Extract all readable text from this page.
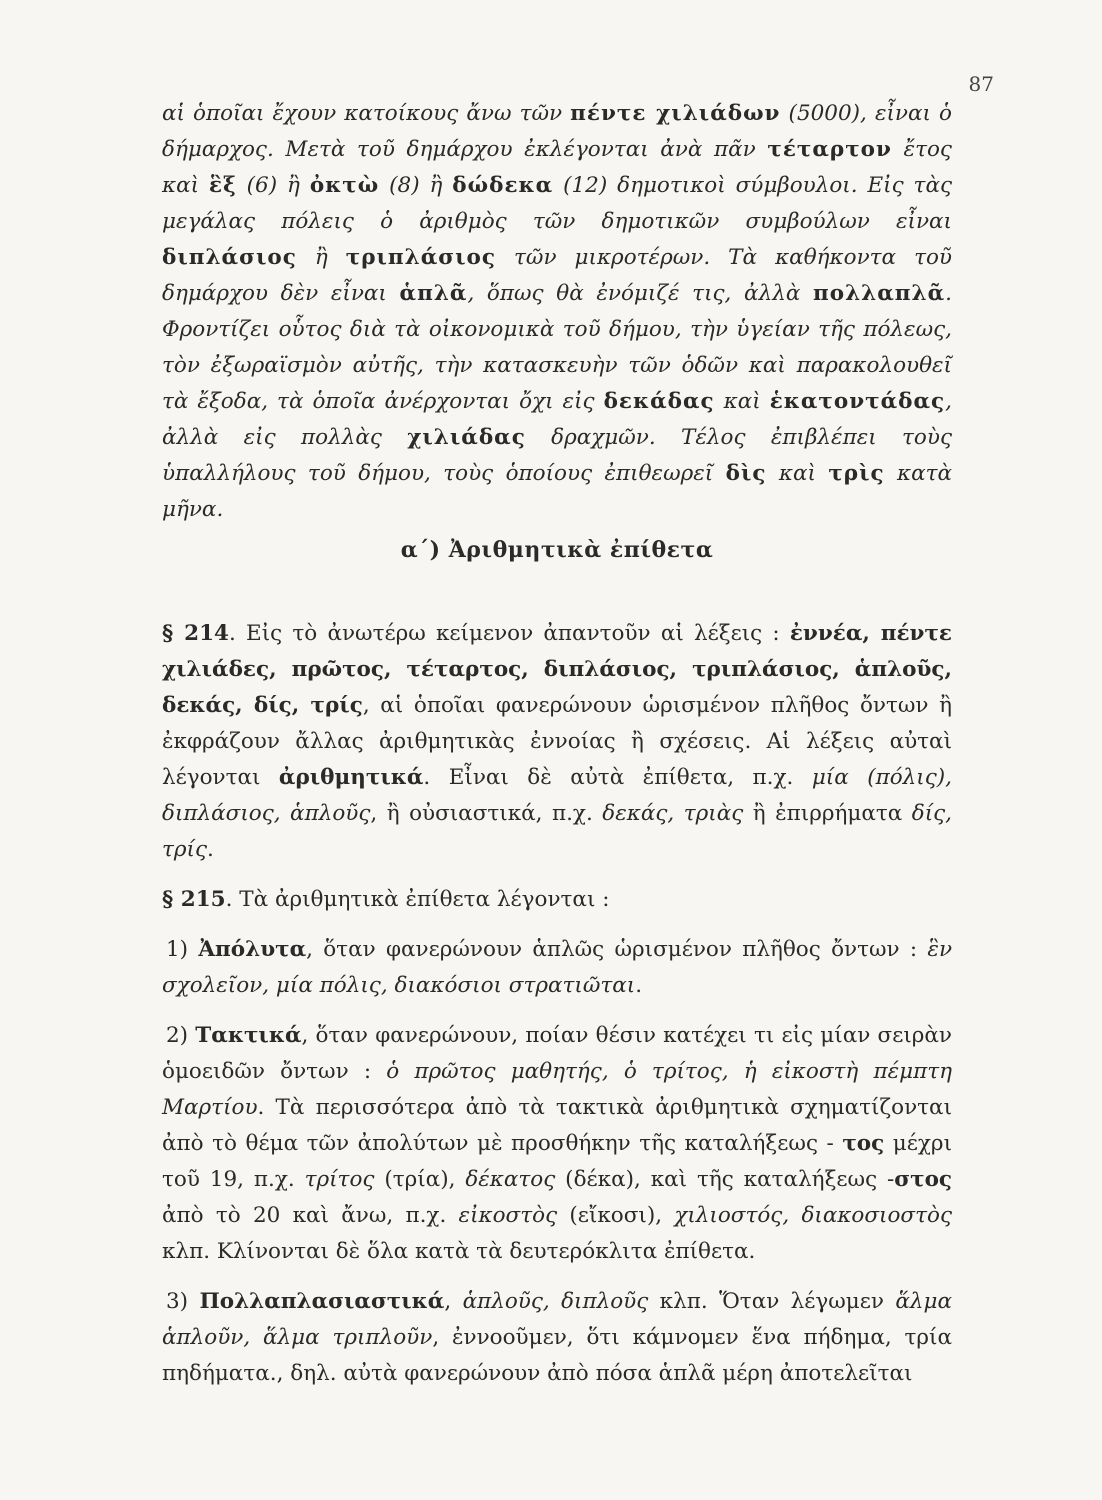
87
αἱ ὁποῖαι ἔχουν κατοίκους ἄνω τῶν πέντε χιλιάδων (5000), εἶναι ὁ δήμαρχος. Μετὰ τοῦ δημάρχου ἐκλέγονται ἀνὰ πᾶν τέταρτον ἔτος καὶ ἓξ (6) ἢ ὀκτὼ (8) ἢ δώδεκα (12) δημοτικοὶ σύμβουλοι. Εἰς τὰς μεγάλας πόλεις ὁ ἀριθμὸς τῶν δημοτικῶν συμβούλων εἶναι διπλάσιος ἢ τριπλάσιος τῶν μικροτέρων. Τὰ καθήκοντα τοῦ δημάρχου δὲν εἶναι ἁπλᾶ, ὅπως θὰ ἐνόμιζέ τις, ἀλλὰ πολλαπλᾶ. Φροντίζει οὗτος διὰ τὰ οἰκονομικὰ τοῦ δήμου, τὴν ὑγείαν τῆς πόλεως, τὸν ἐξωραϊσμὸν αὐτῆς, τὴν κατασκευὴν τῶν ὁδῶν καὶ παρακολουθεῖ τὰ ἔξοδα, τὰ ὁποῖα ἀνέρχονται ὄχι εἰς δεκάδας καὶ ἑκατοντάδας, ἀλλὰ εἰς πολλὰς χιλιάδας δραχμῶν. Τέλος ἐπιβλέπει τοὺς ὑπαλλήλους τοῦ δήμου, τοὺς ὁποίους ἐπιθεωρεῖ δὶς καὶ τρὶς κατὰ μῆνα.
α΄) Ἀριθμητικὰ ἐπίθετα

§ 214. Εἰς τὸ ἀνωτέρω κείμενον ἀπαντοῦν αἱ λέξεις : ἐννέα, πέντε χιλιάδες, πρῶτος, τέταρτος, διπλάσιος, τριπλάσιος, ἁπλοῦς, δεκάς, δίς, τρίς, αἱ ὁποῖαι φανερώνουν ὡρισμένον πλῆθος ὄντων ἢ ἐκφράζουν ἄλλας ἀριθμητικὰς ἐννοίας ἢ σχέσεις. Αἱ λέξεις αὐταὶ λέγονται ἀριθμητικά. Εἶναι δὲ αὐτὰ ἐπίθετα, π.χ. μία (πόλις), διπλάσιος, ἁπλοῦς, ἢ οὐσιαστικά, π.χ. δεκάς, τριὰς ἢ ἐπιρρήματα δίς, τρίς.

§ 215. Τὰ ἀριθμητικὰ ἐπίθετα λέγονται :

1) Ἀπόλυτα, ὅταν φανερώνουν ἁπλῶς ὡρισμένον πλῆθος ὄντων : ἓν σχολεῖον, μία πόλις, διακόσιοι στρατιῶται.

2) Τακτικά, ὅταν φανερώνουν, ποίαν θέσιν κατέχει τι εἰς μίαν σειρὰν ὁμοειδῶν ὄντων : ὁ πρῶτος μαθητής, ὁ τρίτος, ἡ εἰκοστὴ πέμπτη Μαρτίου. Τὰ περισσότερα ἀπὸ τὰ τακτικὰ ἀριθμητικὰ σχηματίζονται ἀπὸ τὸ θέμα τῶν ἀπολύτων μὲ προσθήκην τῆς καταλήξεως - τος μέχρι τοῦ 19, π.χ. τρίτος (τρία), δέκατος (δέκα), καὶ τῆς καταλήξεως -στος ἀπὸ τὸ 20 καὶ ἄνω, π.χ. εἰκοστὸς (εἴκοσι), χιλιοστός, διακοσιοστὸς κλπ. Κλίνονται δὲ ὅλα κατὰ τὰ δευτερόκλιτα ἐπίθετα.

3) Πολλαπλασιαστικά, ἁπλοῦς, διπλοῦς κλπ. Ὅταν λέγωμεν ἅλμα ἁπλοῦν, ἅλμα τριπλοῦν, ἐννοοῦμεν, ὅτι κάμνομεν ἕνα πήδημα, τρία πηδήματα., δηλ. αὐτὰ φανερώνουν ἀπὸ πόσα ἁπλᾶ μέρη ἀποτελεῖται
